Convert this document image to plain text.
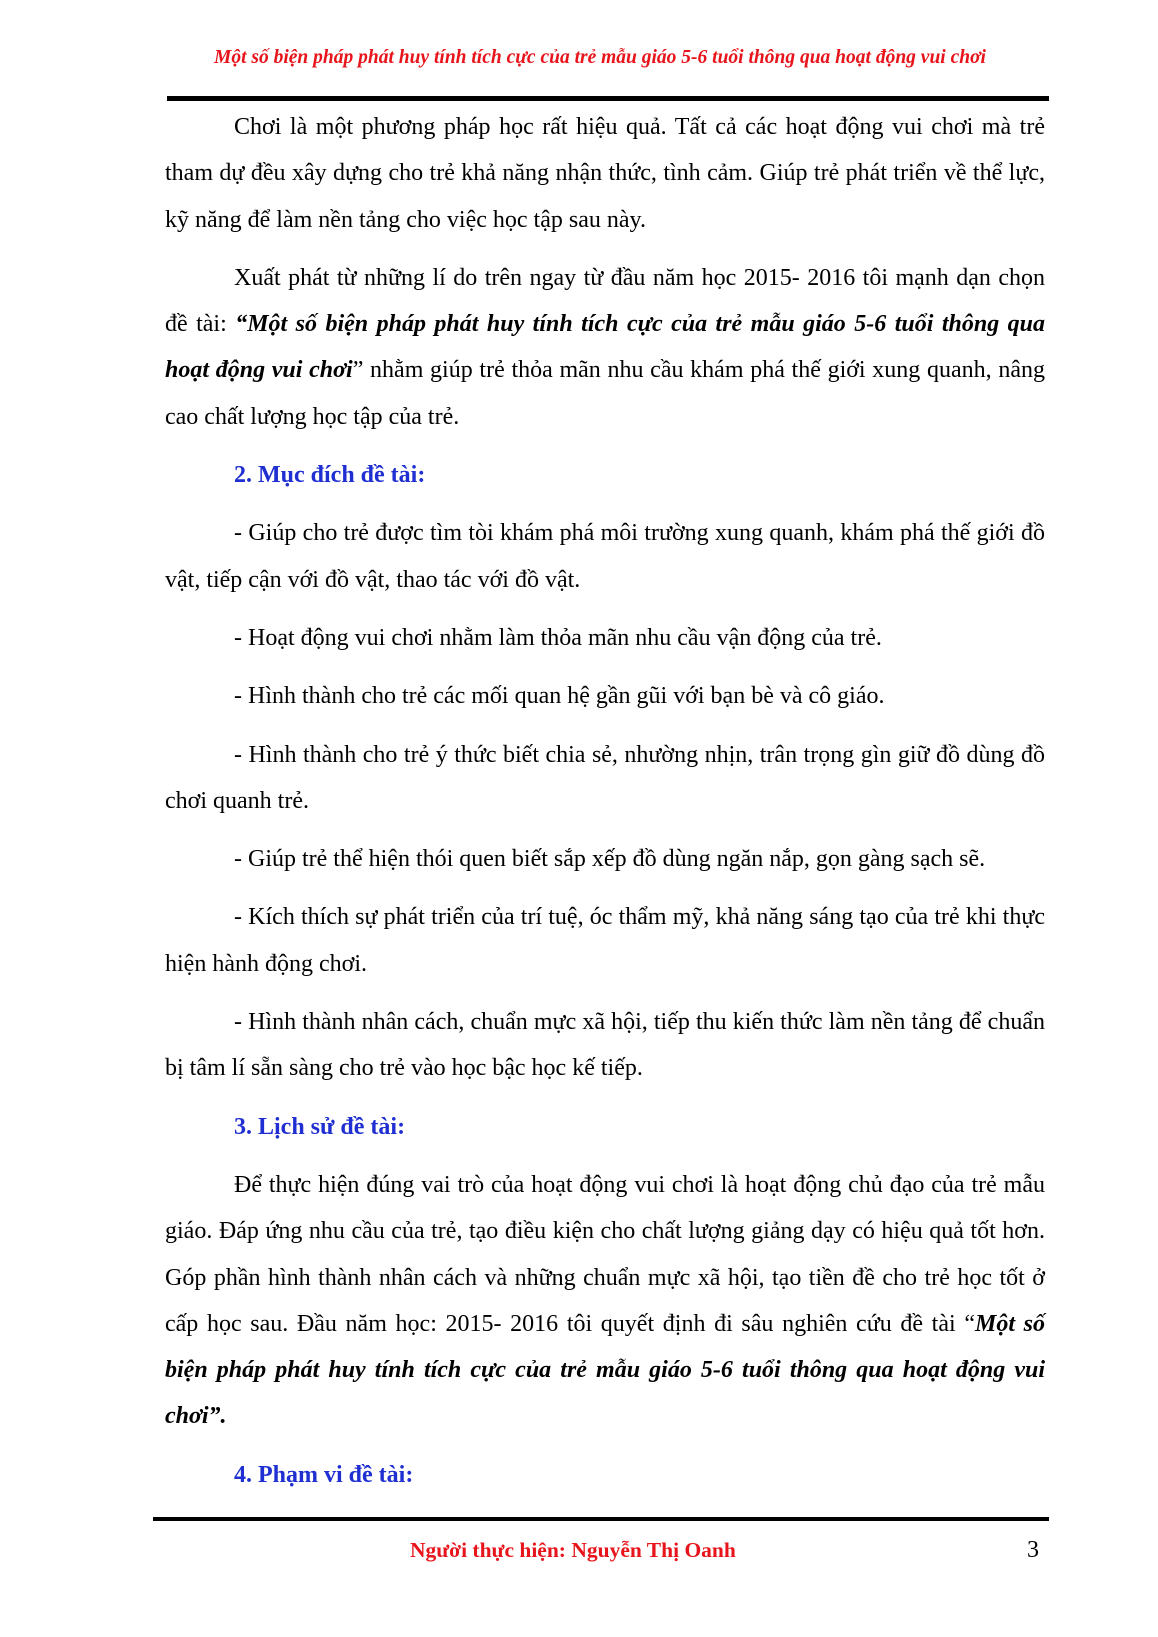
Một số biện pháp phát huy tính tích cực của trẻ mẫu giáo 5-6 tuổi thông qua hoạt động vui chơi

Chơi là một phương pháp học rất hiệu quả. Tất cả các hoạt động vui chơi mà trẻ tham dự đều xây dựng cho trẻ khả năng nhận thức, tình cảm. Giúp trẻ phát triển về thể lực, kỹ năng để làm nền tảng cho việc học tập sau này.

Xuất phát từ những lí do trên ngay từ đầu năm học 2015- 2016 tôi mạnh dạn chọn đề tài: “Một số biện pháp phát huy tính tích cực của trẻ mẫu giáo 5-6 tuổi thông qua hoạt động vui chơi” nhằm giúp trẻ thỏa mãn nhu cầu khám phá thế giới xung quanh, nâng cao chất lượng học tập của trẻ.

2. Mục đích đề tài:

- Giúp cho trẻ được tìm tòi khám phá môi trường xung quanh, khám phá thế giới đồ vật, tiếp cận với đồ vật, thao tác với đồ vật.

- Hoạt động vui chơi nhằm làm thỏa mãn nhu cầu vận động của trẻ.

- Hình thành cho trẻ các mối quan hệ gần gũi với bạn bè và cô giáo.

- Hình thành cho trẻ ý thức biết chia sẻ, nhường nhịn, trân trọng gìn giữ đồ dùng đồ chơi quanh trẻ.

- Giúp trẻ thể hiện thói quen biết sắp xếp đồ dùng ngăn nắp, gọn gàng sạch sẽ.

- Kích thích sự phát triển của trí tuệ, óc thẩm mỹ, khả năng sáng tạo của trẻ khi thực hiện hành động chơi.

- Hình thành nhân cách, chuẩn mực xã hội, tiếp thu kiến thức làm nền tảng để chuẩn bị tâm lí sẵn sàng cho trẻ vào học bậc học kế tiếp.

3. Lịch sử đề tài:

Để thực hiện đúng vai trò của hoạt động vui chơi là hoạt động chủ đạo của trẻ mẫu giáo. Đáp ứng nhu cầu của trẻ, tạo điều kiện cho chất lượng giảng dạy có hiệu quả tốt hơn. Góp phần hình thành nhân cách và những chuẩn mực xã hội, tạo tiền đề cho trẻ học tốt ở cấp học sau. Đầu năm học: 2015- 2016 tôi quyết định đi sâu nghiên cứu đề tài “Một số biện pháp phát huy tính tích cực của trẻ mẫu giáo 5-6 tuổi thông qua hoạt động vui chơi”.

4. Phạm vi đề tài:
Người thực hiện: Nguyễn Thị Oanh	3
